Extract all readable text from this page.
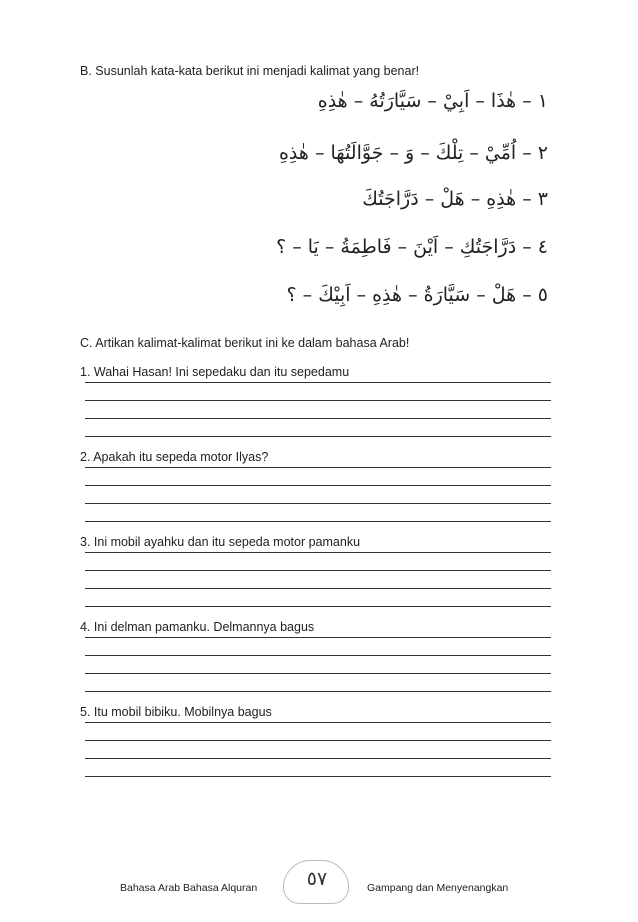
B. Susunlah kata-kata berikut ini menjadi kalimat yang benar!
١ – هٰذَا – اَبِيْ – سَيَّارَتُهُ – هٰذِهِ
٢ – اُمِّيْ – تِلْكَ – وَ – جَوَّالَتُهَا – هٰذِهِ
٣ – هٰذِهِ – هَلْ – دَرَّاجَتُكَ
٤ – دَرَّاجَتُكِ – اَيْنَ – فَاطِمَةُ – يَا – ؟
٥ – هَلْ – سَيَّارَةُ – هٰذِهِ – اَبِيْكَ – ؟
C. Artikan kalimat-kalimat berikut ini ke dalam bahasa Arab!
1. Wahai Hasan! Ini sepedaku dan itu sepedamu
2. Apakah itu sepeda motor Ilyas?
3. Ini mobil ayahku dan itu sepeda motor pamanku
4. Ini delman pamanku. Delmannya bagus
5. Itu mobil bibiku. Mobilnya bagus
Bahasa Arab Bahasa Alquran	٥٧	Gampang dan Menyenangkan
